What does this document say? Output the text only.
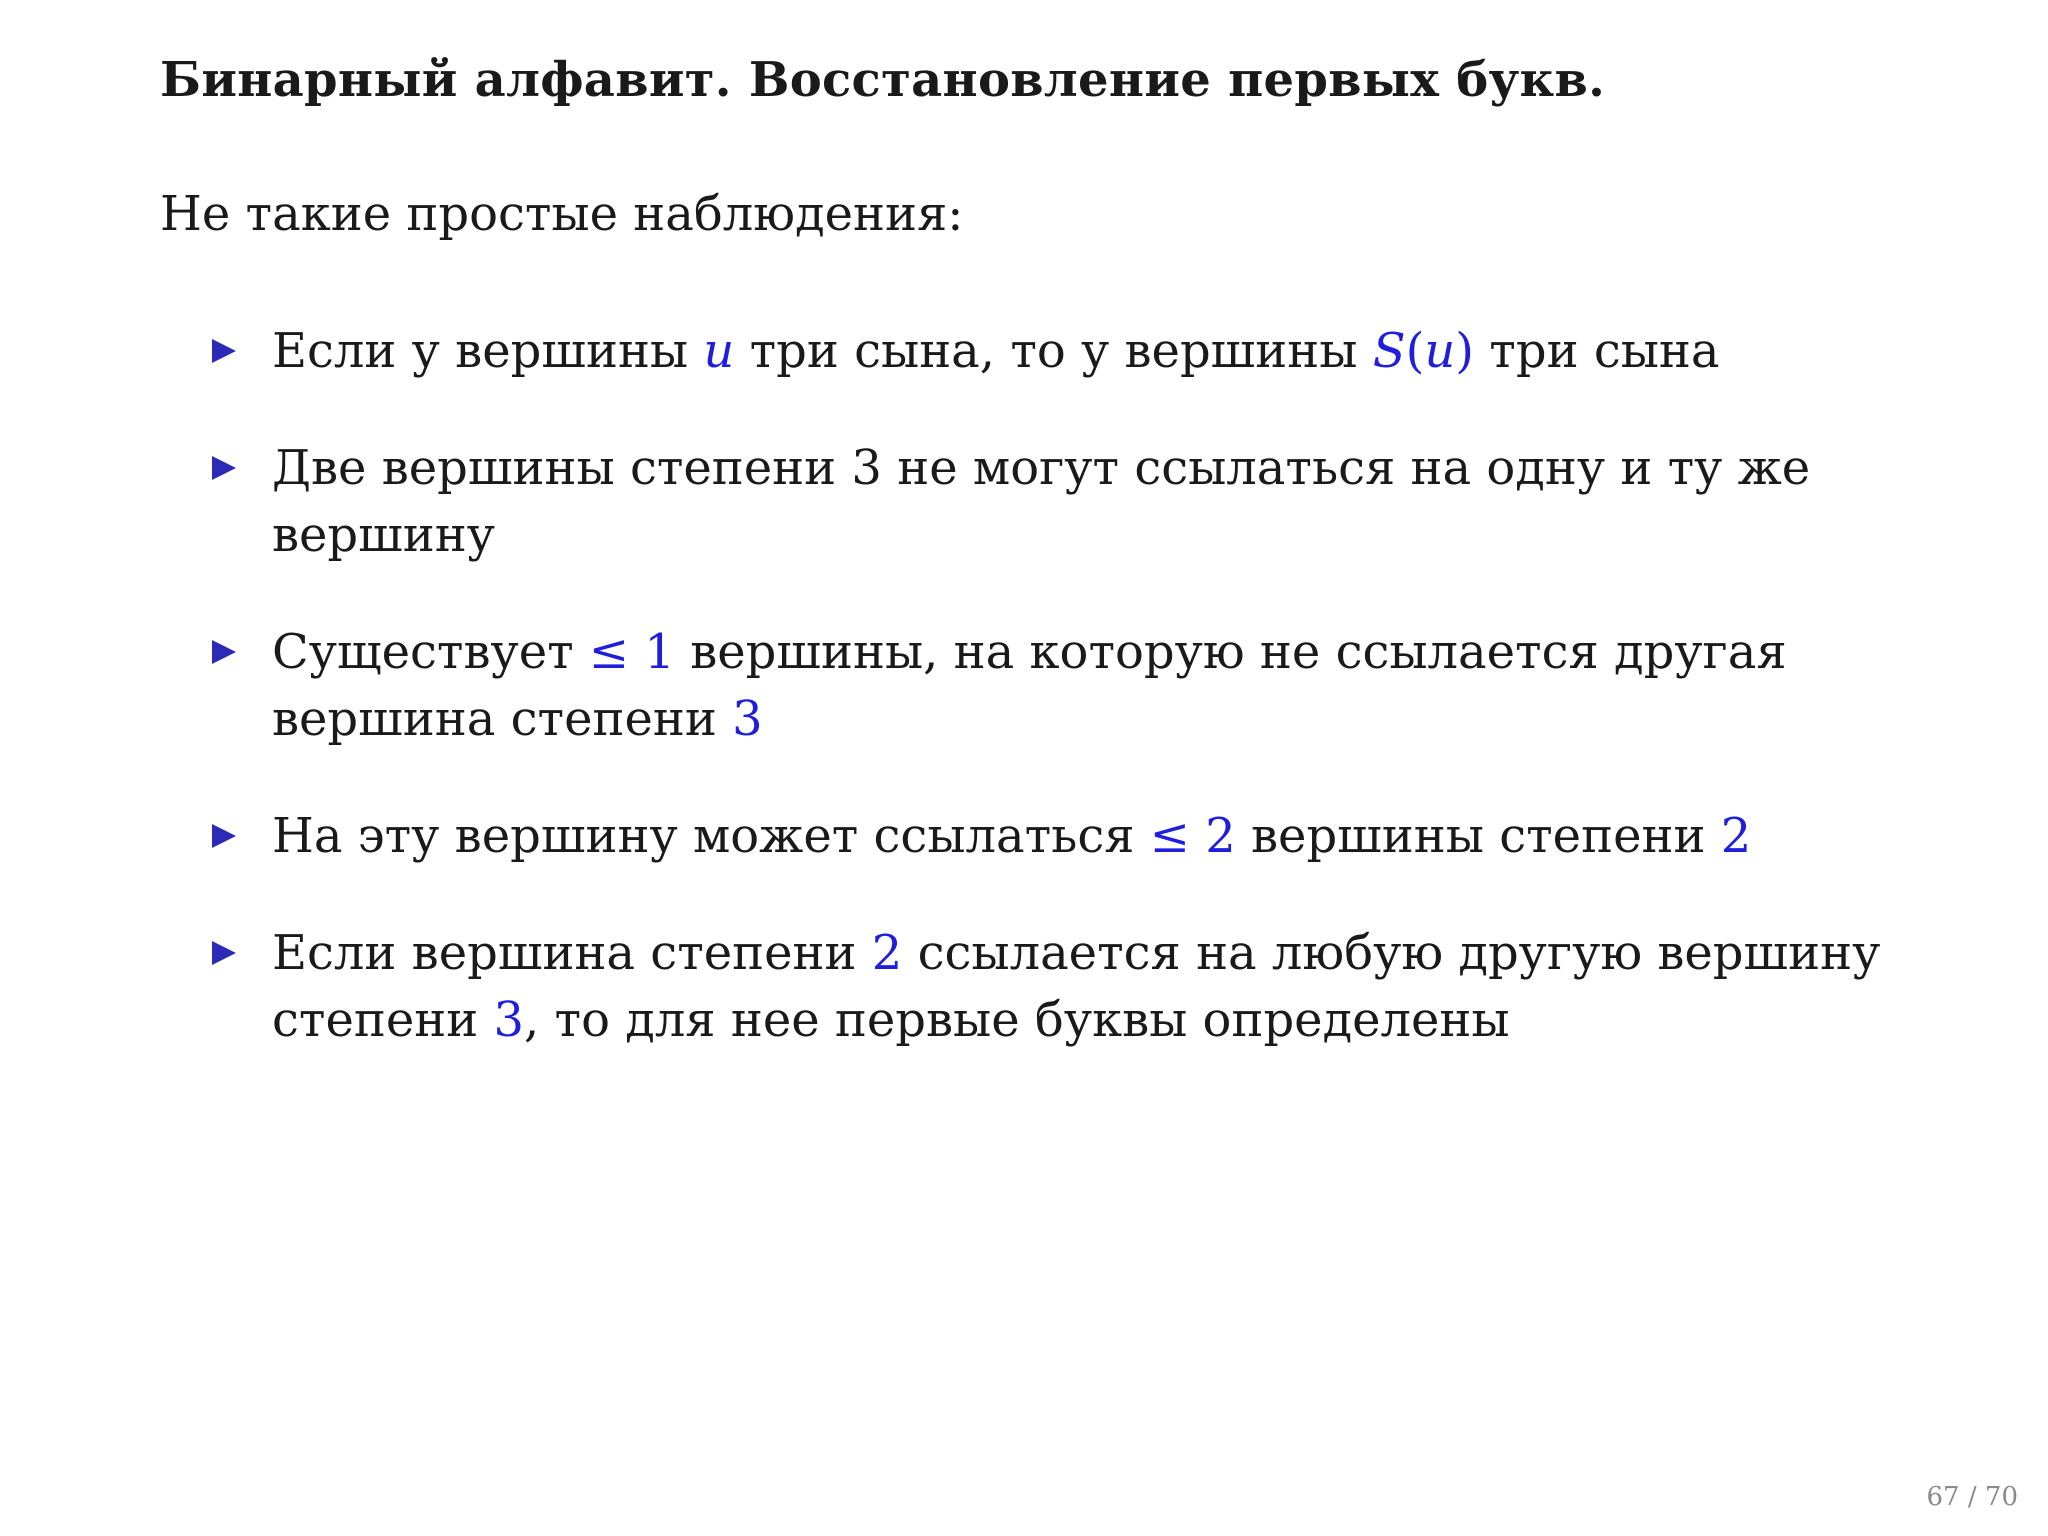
Бинарный алфавит. Восстановление первых букв.
Не такие простые наблюдения:
Если у вершины u три сына, то у вершины S(u) три сына
Две вершины степени 3 не могут ссылаться на одну и ту же вершину
Существует ≤ 1 вершины, на которую не ссылается другая вершина степени 3
На эту вершину может ссылаться ≤ 2 вершины степени 2
Если вершина степени 2 ссылается на любую другую вершину степени 3, то для нее первые буквы определены
67 / 70
